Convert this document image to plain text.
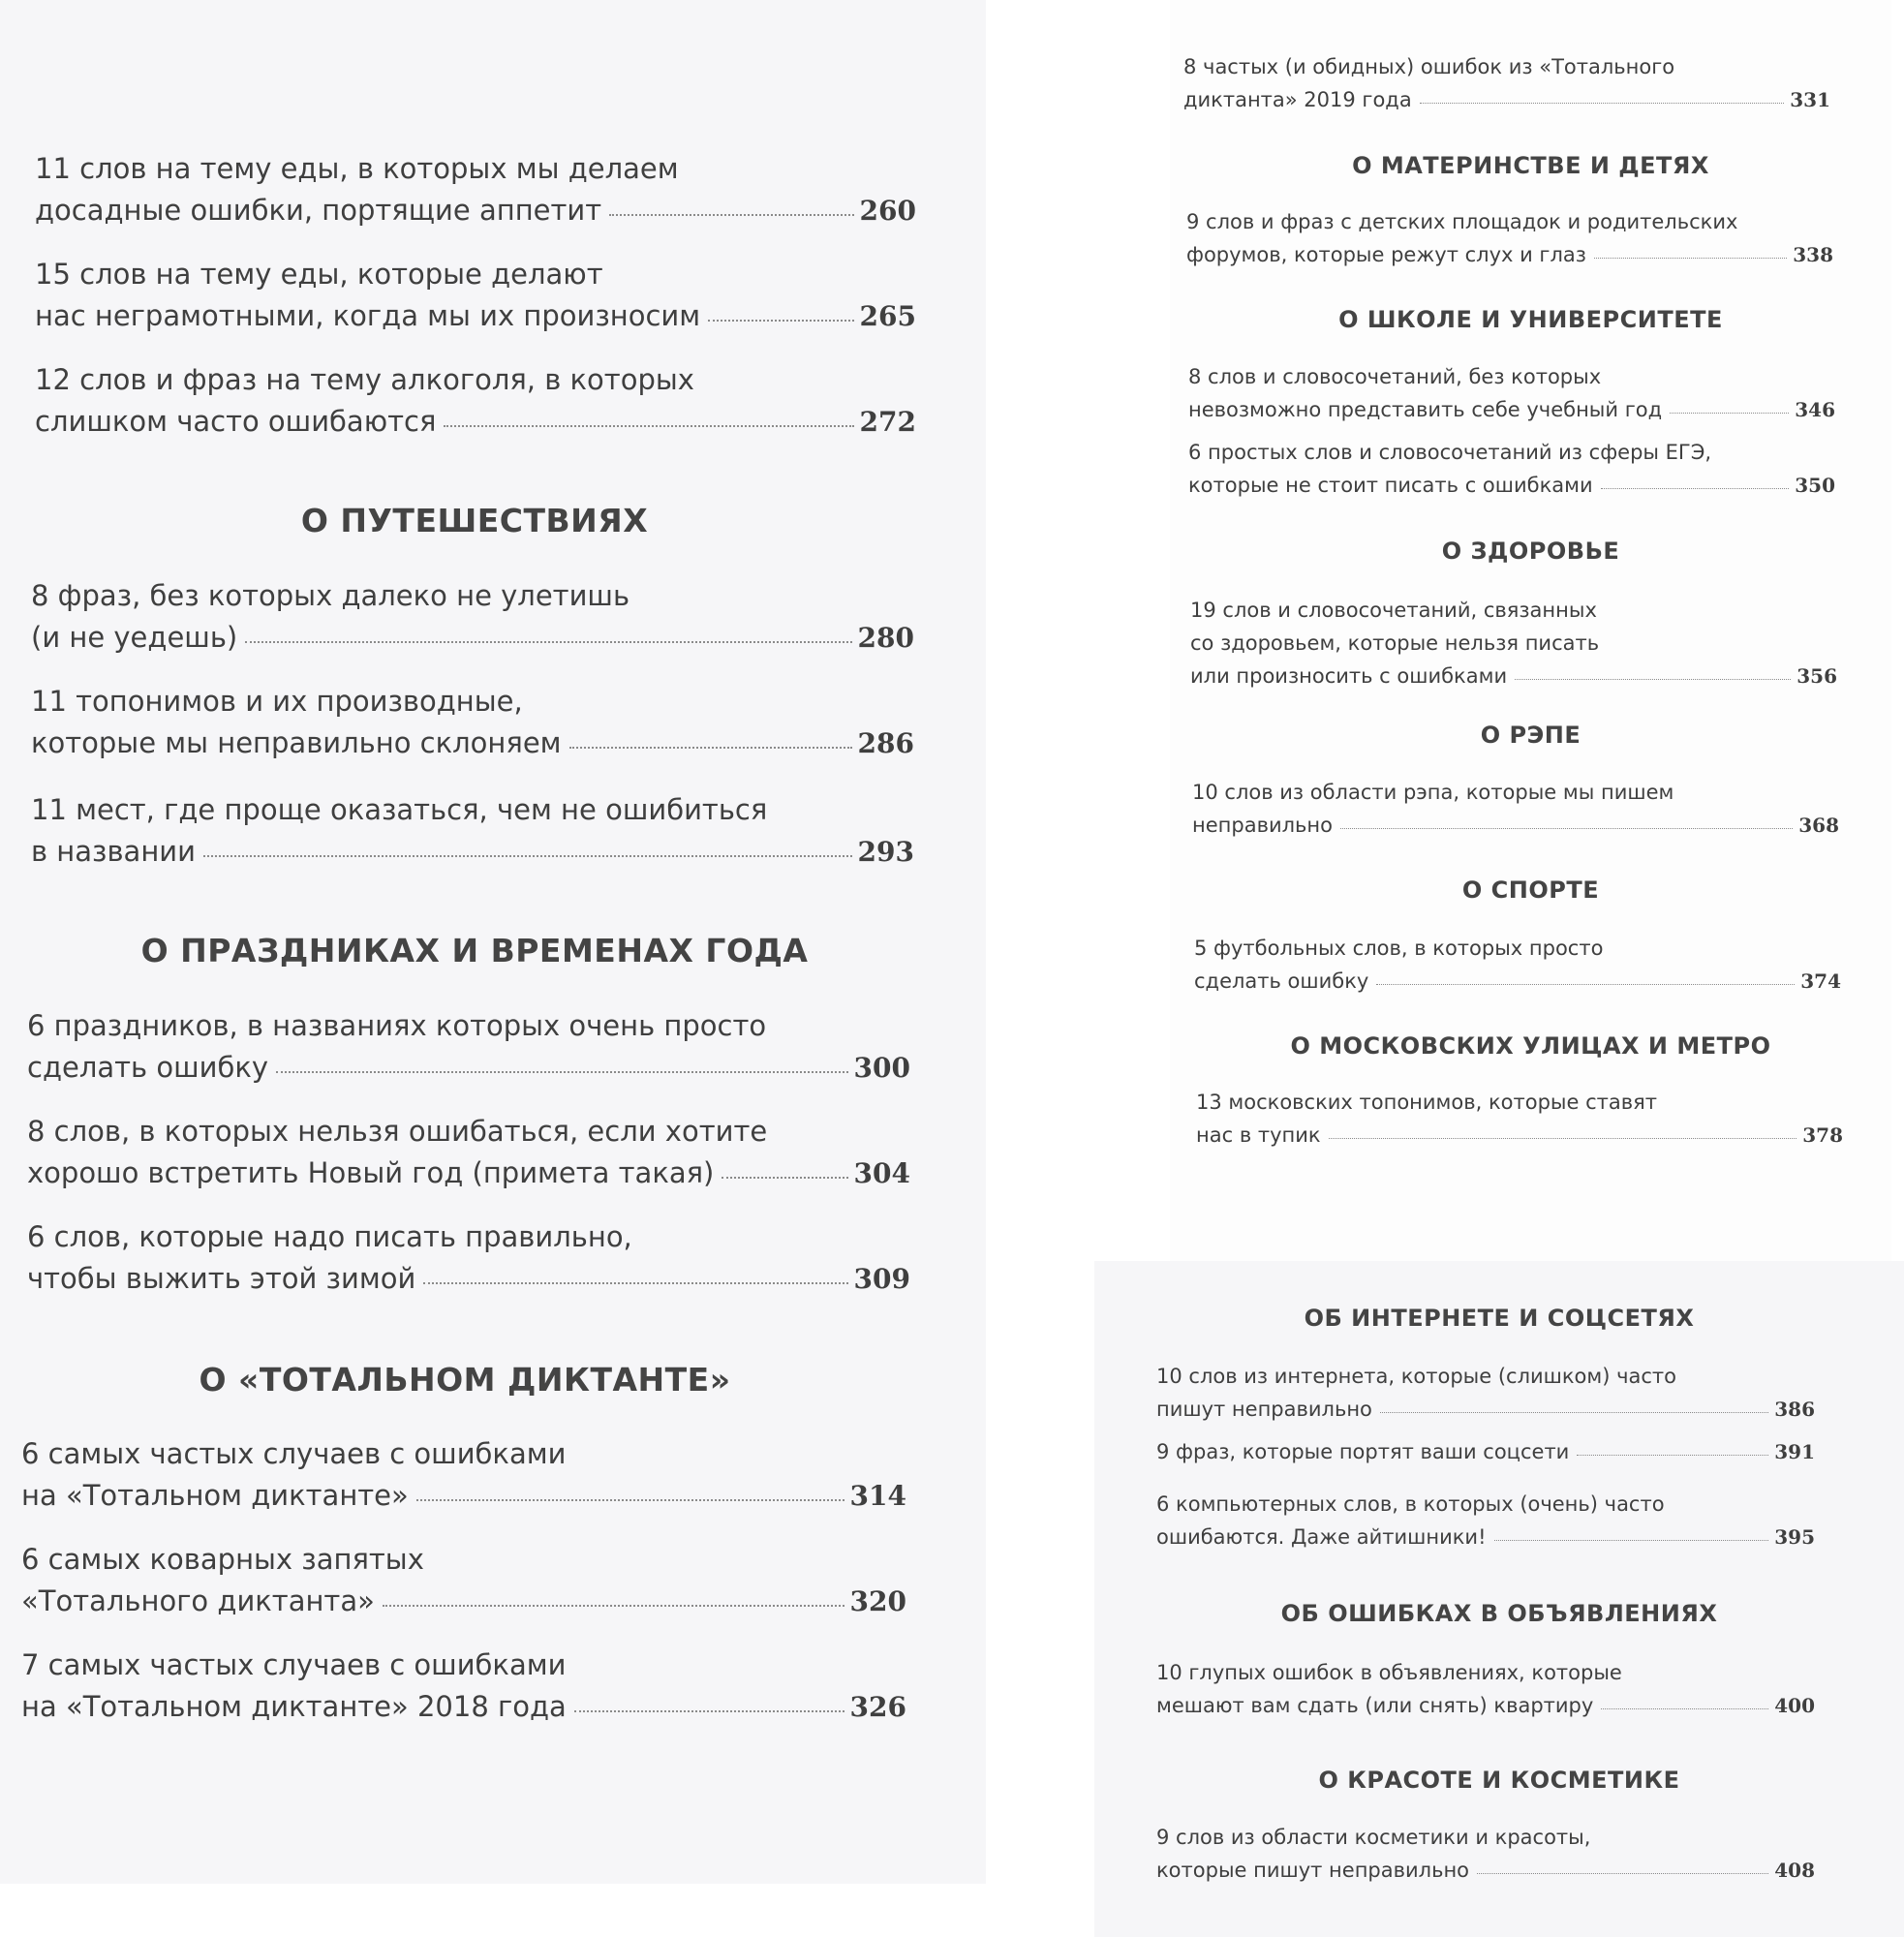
11 слов на тему еды, в которых мы делаем
досадные ошибки, портящие аппетит	260
15 слов на тему еды, которые делают
нас неграмотными, когда мы их произносим	265
12 слов и фраз на тему алкоголя, в которых
слишком часто ошибаются	272
О ПУТЕШЕСТВИЯХ
8 фраз, без которых далеко не улетишь
(и не уедешь)	280
11 топонимов и их производные,
которые мы неправильно склоняем	286
11 мест, где проще оказаться, чем не ошибиться
в названии	293
О ПРАЗДНИКАХ И ВРЕМЕНАХ ГОДА
6 праздников, в названиях которых очень просто
сделать ошибку	300
8 слов, в которых нельзя ошибаться, если хотите
хорошо встретить Новый год (примета такая)	304
6 слов, которые надо писать правильно,
чтобы выжить этой зимой	309
О «ТОТАЛЬНОМ ДИКТАНТЕ»
6 самых частых случаев с ошибками
на «Тотальном диктанте»	314
6 самых коварных запятых
«Тотального диктанта»	320
7 самых частых случаев с ошибками
на «Тотальном диктанте» 2018 года	326
8 частых (и обидных) ошибок из «Тотального
диктанта» 2019 года	331
О МАТЕРИНСТВЕ И ДЕТЯХ
9 слов и фраз с детских площадок и родительских
форумов, которые режут слух и глаз	338
О ШКОЛЕ И УНИВЕРСИТЕТЕ
8 слов и словосочетаний, без которых
невозможно представить себе учебный год	346
6 простых слов и словосочетаний из сферы ЕГЭ,
которые не стоит писать с ошибками	350
О ЗДОРОВЬЕ
19 слов и словосочетаний, связанных
со здоровьем, которые нельзя писать
или произносить с ошибками	356
О РЭПЕ
10 слов из области рэпа, которые мы пишем
неправильно	368
О СПОРТЕ
5 футбольных слов, в которых просто
сделать ошибку	374
О МОСКОВСКИХ УЛИЦАХ И МЕТРО
13 московских топонимов, которые ставят
нас в тупик	378
ОБ ИНТЕРНЕТЕ И СОЦСЕТЯХ
10 слов из интернета, которые (слишком) часто
пишут неправильно	386
9 фраз, которые портят ваши соцсети	391
6 компьютерных слов, в которых (очень) часто
ошибаются. Даже айтишники!	395
ОБ ОШИБКАХ В ОБЪЯВЛЕНИЯХ
10 глупых ошибок в объявлениях, которые
мешают вам сдать (или снять) квартиру	400
О КРАСОТЕ И КОСМЕТИКЕ
9 слов из области косметики и красоты,
которые пишут неправильно	408
